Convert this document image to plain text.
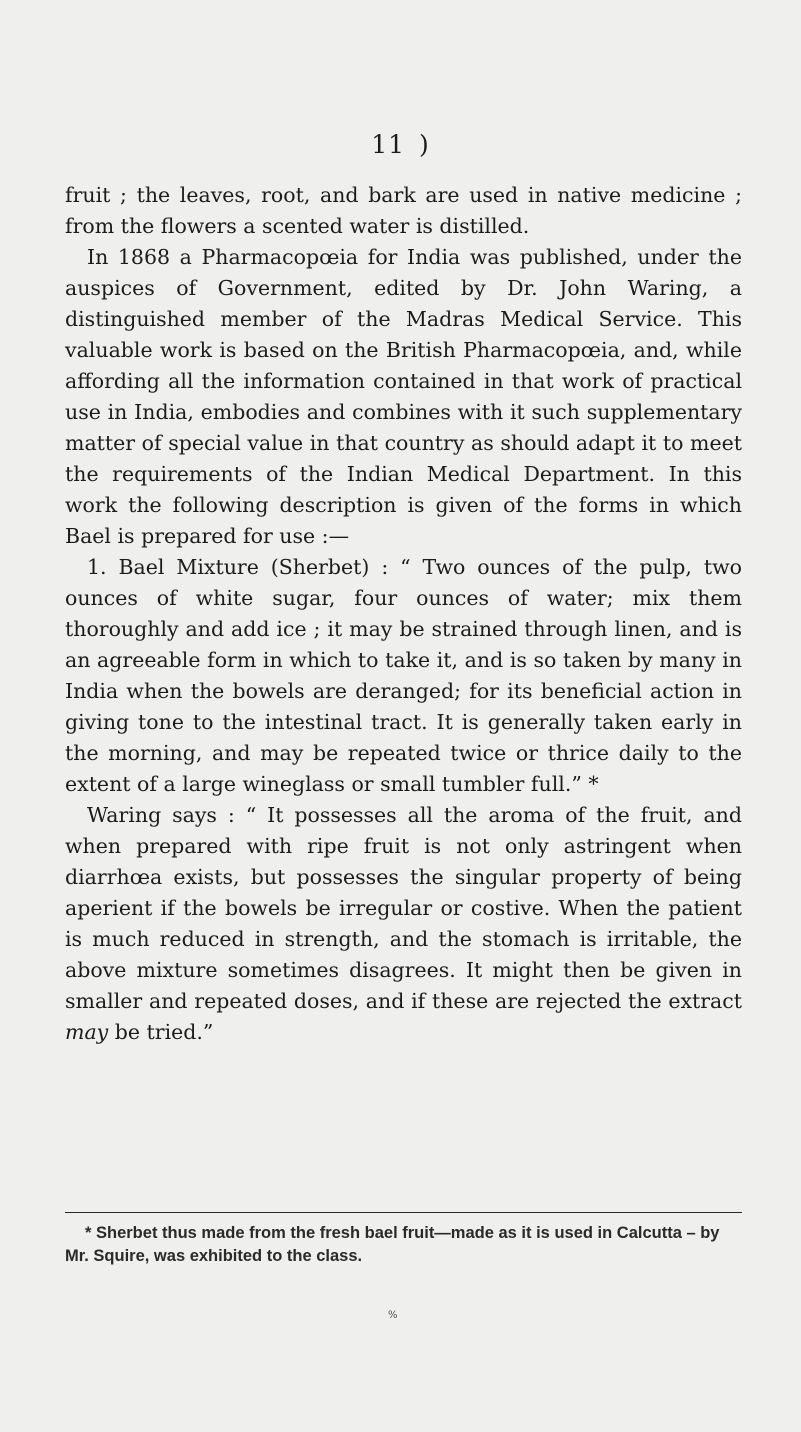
11 )

fruit ; the leaves, root, and bark are used in native medicine ; from the flowers a scented water is distilled.

In 1868 a Pharmacopœia for India was published, under the auspices of Government, edited by Dr. John Waring, a distinguished member of the Madras Medical Service. This valuable work is based on the British Pharmacopœia, and, while affording all the information contained in that work of practical use in India, embodies and combines with it such supplementary matter of special value in that country as should adapt it to meet the requirements of the Indian Medical Department. In this work the following description is given of the forms in which Bael is prepared for use :—

1. Bael Mixture (Sherbet) : “ Two ounces of the pulp, two ounces of white sugar, four ounces of water; mix them thoroughly and add ice ; it may be strained through linen, and is an agreeable form in which to take it, and is so taken by many in India when the bowels are deranged; for its beneficial action in giving tone to the intestinal tract. It is generally taken early in the morning, and may be repeated twice or thrice daily to the extent of a large wineglass or small tumbler full.” *

Waring says : “ It possesses all the aroma of the fruit, and when prepared with ripe fruit is not only astringent when diarrhœa exists, but possesses the singular property of being aperient if the bowels be irregular or costive. When the patient is much reduced in strength, and the stomach is irritable, the above mixture sometimes disagrees. It might then be given in smaller and repeated doses, and if these are rejected the extract may be tried.”

* Sherbet thus made from the fresh bael fruit—made as it is used in Calcutta – by Mr. Squire, was exhibited to the class.

%
